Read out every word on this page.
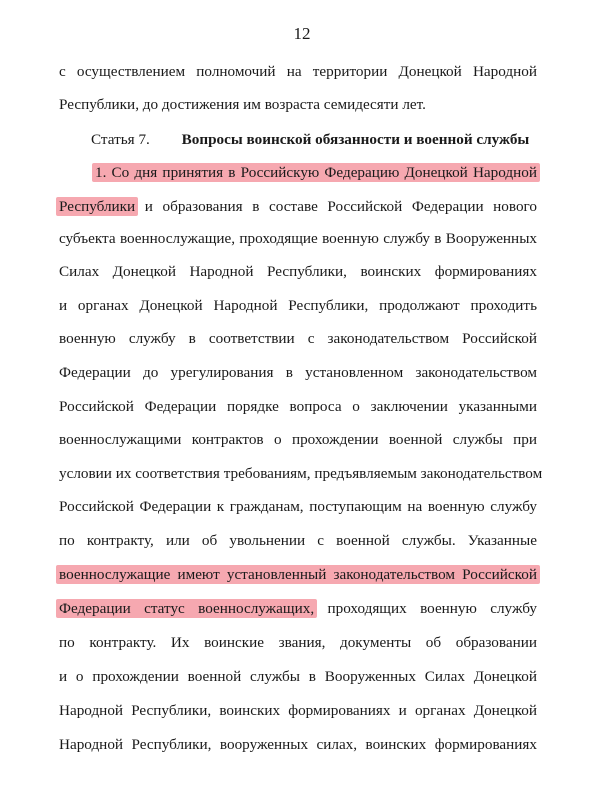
12
Статья 7. Вопросы воинской обязанности и военной службы
с осуществлением полномочий на территории Донецкой Народной
Республики, до достижения им возраста семидесяти лет.
1. Со дня принятия в Российскую Федерацию Донецкой Народной
Республики и образования в составе Российской Федерации нового
субъекта военнослужащие, проходящие военную службу в Вооруженных
Силах Донецкой Народной Республики, воинских формированиях
и органах Донецкой Народной Республики, продолжают проходить
военную службу в соответствии с законодательством Российской
Федерации до урегулирования в установленном законодательством
Российской Федерации порядке вопроса о заключении указанными
военнослужащими контрактов о прохождении военной службы при
условии их соответствия требованиям, предъявляемым законодательством
Российской Федерации к гражданам, поступающим на военную службу
по контракту, или об увольнении с военной службы. Указанные
военнослужащие имеют установленный законодательством Российской
Федерации статус военнослужащих, проходящих военную службу
по контракту. Их воинские звания, документы об образовании
и о прохождении военной службы в Вооруженных Силах Донецкой
Народной Республики, воинских формированиях и органах Донецкой
Народной Республики, вооруженных силах, воинских формированиях
